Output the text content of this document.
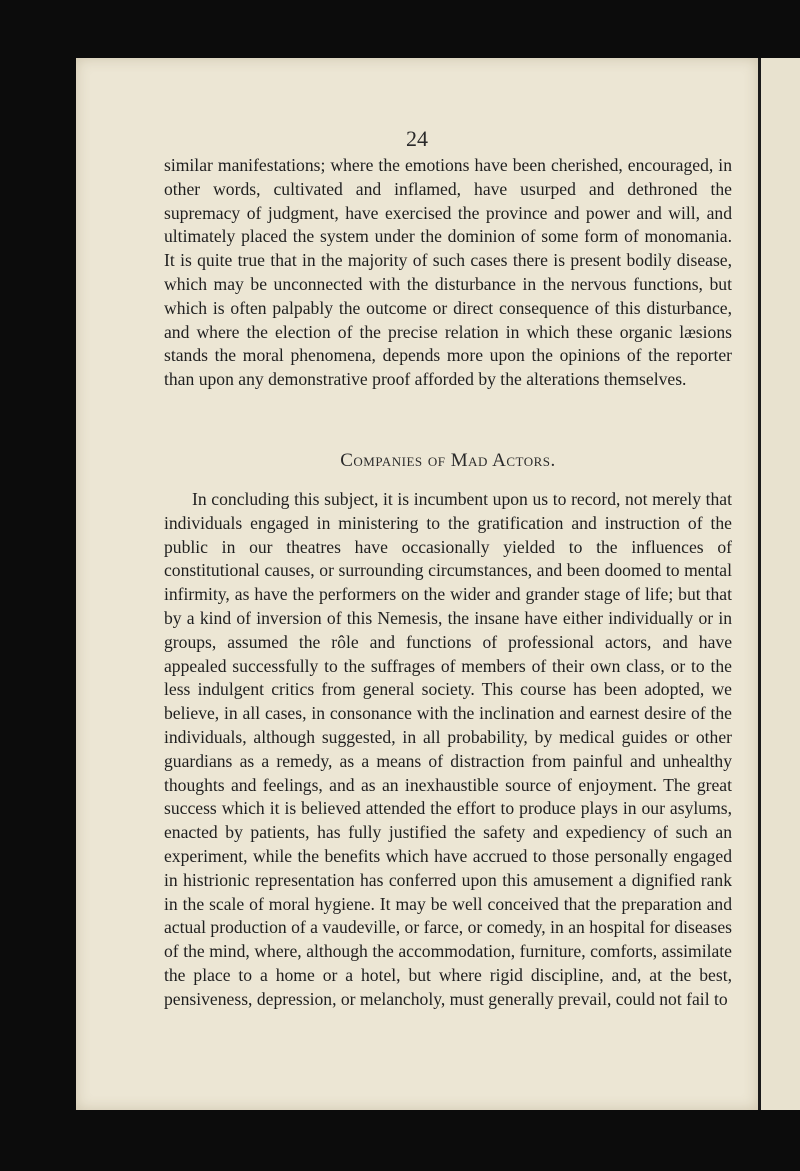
24
similar manifestations; where the emotions have been cherished, encouraged, in other words, cultivated and inflamed, have usurped and dethroned the supremacy of judgment, have exercised the province and power and will, and ultimately placed the system under the dominion of some form of monomania. It is quite true that in the majority of such cases there is present bodily disease, which may be unconnected with the disturbance in the nervous functions, but which is often palpably the outcome or direct consequence of this disturbance, and where the election of the precise relation in which these organic læsions stands the moral phenomena, depends more upon the opinions of the reporter than upon any demonstrative proof afforded by the alterations themselves.
Companies of Mad Actors.
In concluding this subject, it is incumbent upon us to record, not merely that individuals engaged in ministering to the gratification and instruction of the public in our theatres have occasionally yielded to the influences of constitutional causes, or surrounding circumstances, and been doomed to mental infirmity, as have the performers on the wider and grander stage of life; but that by a kind of inversion of this Nemesis, the insane have either individually or in groups, assumed the rôle and functions of professional actors, and have appealed successfully to the suffrages of members of their own class, or to the less indulgent critics from general society. This course has been adopted, we believe, in all cases, in consonance with the inclination and earnest desire of the individuals, although suggested, in all probability, by medical guides or other guardians as a remedy, as a means of distraction from painful and unhealthy thoughts and feelings, and as an inexhaustible source of enjoyment. The great success which it is believed attended the effort to produce plays in our asylums, enacted by patients, has fully justified the safety and expediency of such an experiment, while the benefits which have accrued to those personally engaged in histrionic representation has conferred upon this amusement a dignified rank in the scale of moral hygiene. It may be well conceived that the preparation and actual production of a vaudeville, or farce, or comedy, in an hospital for diseases of the mind, where, although the accommodation, furniture, comforts, assimilate the place to a home or a hotel, but where rigid discipline, and, at the best, pensiveness, depression, or melancholy, must generally prevail, could not fail to
